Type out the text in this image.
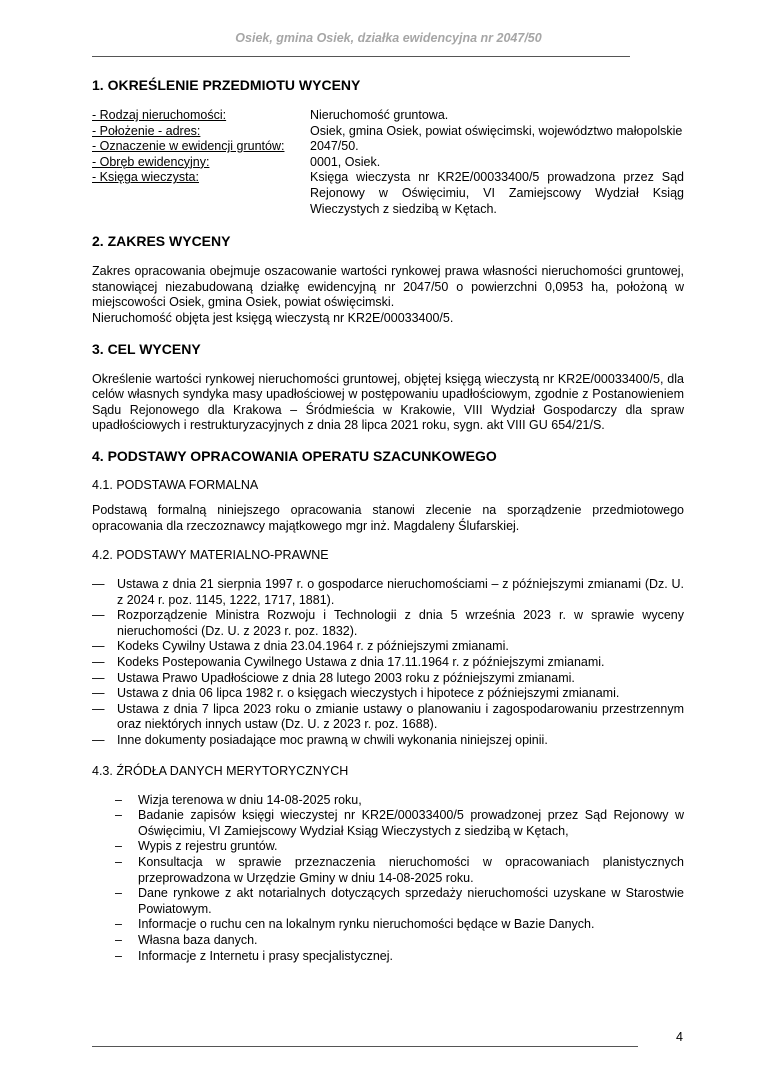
Osiek, gmina Osiek, działka ewidencyjna nr 2047/50
1. OKREŚLENIE PRZEDMIOTU WYCENY
- Rodzaj nieruchomości:	Nieruchomość gruntowa.
- Położenie - adres:	Osiek, gmina Osiek, powiat oświęcimski, województwo małopolskie
- Oznaczenie w ewidencji gruntów:	2047/50.
- Obręb ewidencyjny:	0001, Osiek.
- Księga wieczysta:	Księga wieczysta nr KR2E/00033400/5 prowadzona przez Sąd Rejonowy w Oświęcimiu, VI Zamiejscowy Wydział Ksiąg Wieczystych z siedzibą w Kętach.
2. ZAKRES WYCENY

Zakres opracowania obejmuje oszacowanie wartości rynkowej prawa własności nieruchomości gruntowej, stanowiącej niezabudowaną działkę ewidencyjną nr 2047/50 o powierzchni 0,0953 ha, położoną w miejscowości Osiek, gmina Osiek, powiat oświęcimski.

Nieruchomość objęta jest księgą wieczystą nr KR2E/00033400/5.

3. CEL WYCENY

Określenie wartości rynkowej nieruchomości gruntowej, objętej księgą wieczystą nr KR2E/00033400/5, dla celów własnych syndyka masy upadłościowej w postępowaniu upadłościowym, zgodnie z Postanowieniem Sądu Rejonowego dla Krakowa – Śródmieścia w Krakowie, VIII Wydział Gospodarczy dla spraw upadłościowych i restrukturyzacyjnych z dnia 28 lipca 2021 roku, sygn. akt VIII GU 654/21/S.

4. PODSTAWY OPRACOWANIA OPERATU SZACUNKOWEGO
4.1. PODSTAWA FORMALNA

Podstawą formalną niniejszego opracowania stanowi zlecenie na sporządzenie przedmiotowego opracowania dla rzeczoznawcy majątkowego mgr inż. Magdaleny Ślufarskiej.

4.2. PODSTAWY MATERIALNO-PRAWNE
—	Ustawa z dnia 21 sierpnia 1997 r. o gospodarce nieruchomościami – z późniejszymi zmianami (Dz. U. z 2024 r. poz. 1145, 1222, 1717, 1881).
—	Rozporządzenie Ministra Rozwoju i Technologii z dnia 5 września 2023 r. w sprawie wyceny nieruchomości (Dz. U. z 2023 r. poz. 1832).
—	Kodeks Cywilny Ustawa z dnia 23.04.1964 r. z późniejszymi zmianami.
—	Kodeks Postepowania Cywilnego Ustawa z dnia 17.11.1964 r. z późniejszymi zmianami.
—	Ustawa Prawo Upadłościowe z dnia 28 lutego 2003 roku z późniejszymi zmianami.
—	Ustawa z dnia 06 lipca 1982 r. o księgach wieczystych i hipotece z późniejszymi zmianami.
—	Ustawa z dnia 7 lipca 2023 roku o zmianie ustawy o planowaniu i zagospodarowaniu przestrzennym oraz niektórych innych ustaw (Dz. U. z 2023 r. poz. 1688).
—	Inne dokumenty posiadające moc prawną w chwili wykonania niniejszej opinii.
4.3. ŹRÓDŁA DANYCH MERYTORYCZNYCH
–	Wizja terenowa w dniu 14-08-2025 roku,
–	Badanie zapisów księgi wieczystej nr KR2E/00033400/5 prowadzonej przez Sąd Rejonowy w Oświęcimiu, VI Zamiejscowy Wydział Ksiąg Wieczystych z siedzibą w Kętach,
–	Wypis z rejestru gruntów.
–	Konsultacja w sprawie przeznaczenia nieruchomości w opracowaniach planistycznych przeprowadzona w Urzędzie Gminy w dniu 14-08-2025 roku.
–	Dane rynkowe z akt notarialnych dotyczących sprzedaży nieruchomości uzyskane w Starostwie Powiatowym.
–	Informacje o ruchu cen na lokalnym rynku nieruchomości będące w Bazie Danych.
–	Własna baza danych.
–	Informacje z Internetu i prasy specjalistycznej.
4
